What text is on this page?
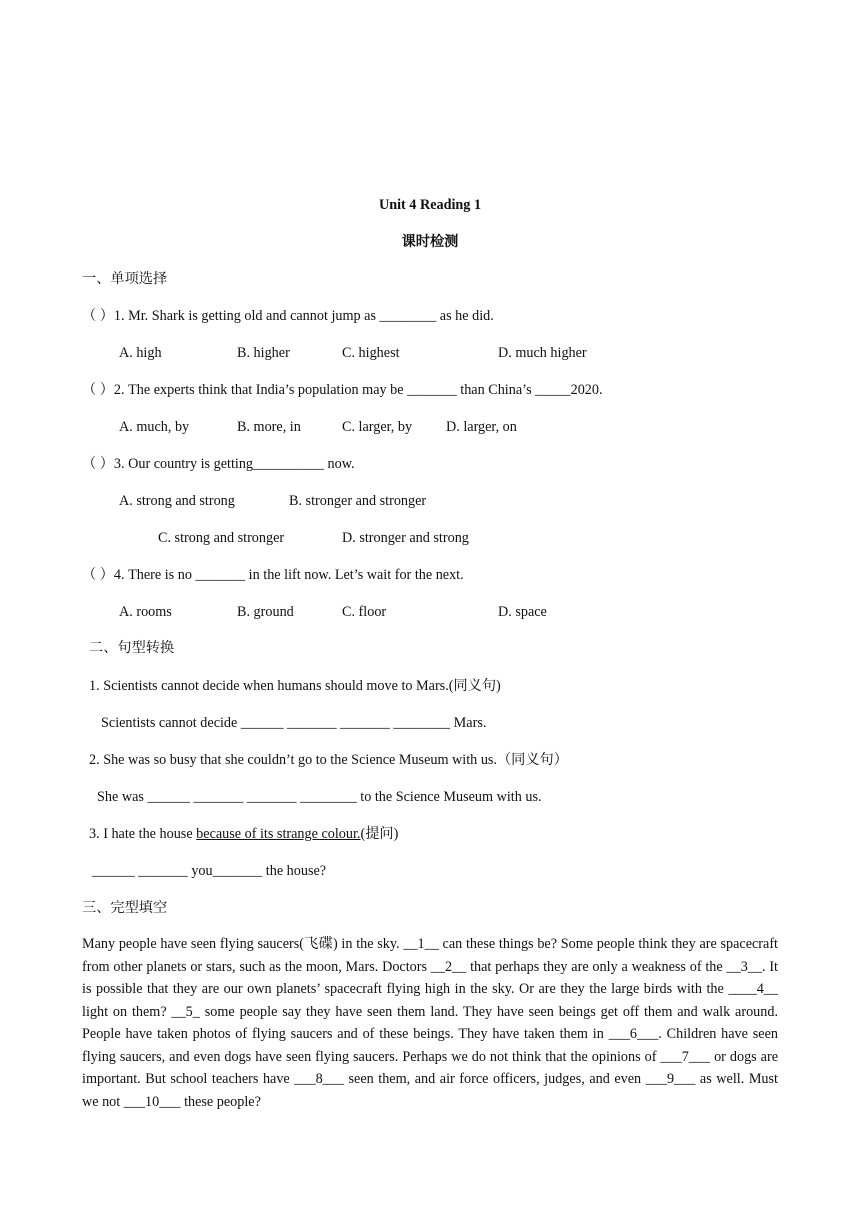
Unit 4 Reading 1
课时检测
一、单项选择
（ ）1. Mr. Shark is getting old and cannot jump as ________ as he did.
A. high	B. higher	C. highest	D. much higher
（ ）2. The experts think that India’s population may be _______ than China’s _____2020.
A. much, by	B. more, in	C. larger, by D. larger, on
（ ）3. Our country is getting__________ now.
A. strong and strong	B. stronger and stronger
C. strong and stronger	D. stronger and strong
（ ）4. There is no _______ in the lift now. Let’s wait for the next.
A. rooms	B. ground	C. floor	D. space
二、句型转换
1. Scientists cannot decide when humans should move to Mars.(同义句)
Scientists cannot decide ______ _______ _______ ________ Mars.
2. She was so busy that she couldn’t go to the Science Museum with us.（同义句）
She was ______ _______ _______ ________ to the Science Museum with us.
3. I hate the house because of its strange colour.(提问)
______ _______ you_______ the house?
三、完型填空
Many people have seen flying saucers(飞碟) in the sky. __1__ can these things be? Some people think they are spacecraft from other planets or stars, such as the moon, Mars. Doctors __2__ that perhaps they are only a weakness of the __3__. It is possible that they are our own planets’ spacecraft flying high in the sky. Or are they the large birds with the ____4__ light on them? __5_ some people say they have seen them land. They have seen beings get off them and walk around. People have taken photos of flying saucers and of these beings. They have taken them in ___6___. Children have seen flying saucers, and even dogs have seen flying saucers. Perhaps we do not think that the opinions of ___7___ or dogs are important. But school teachers have ___8___ seen them, and air force officers, judges, and even ___9___ as well. Must we not ___10___ these people?
